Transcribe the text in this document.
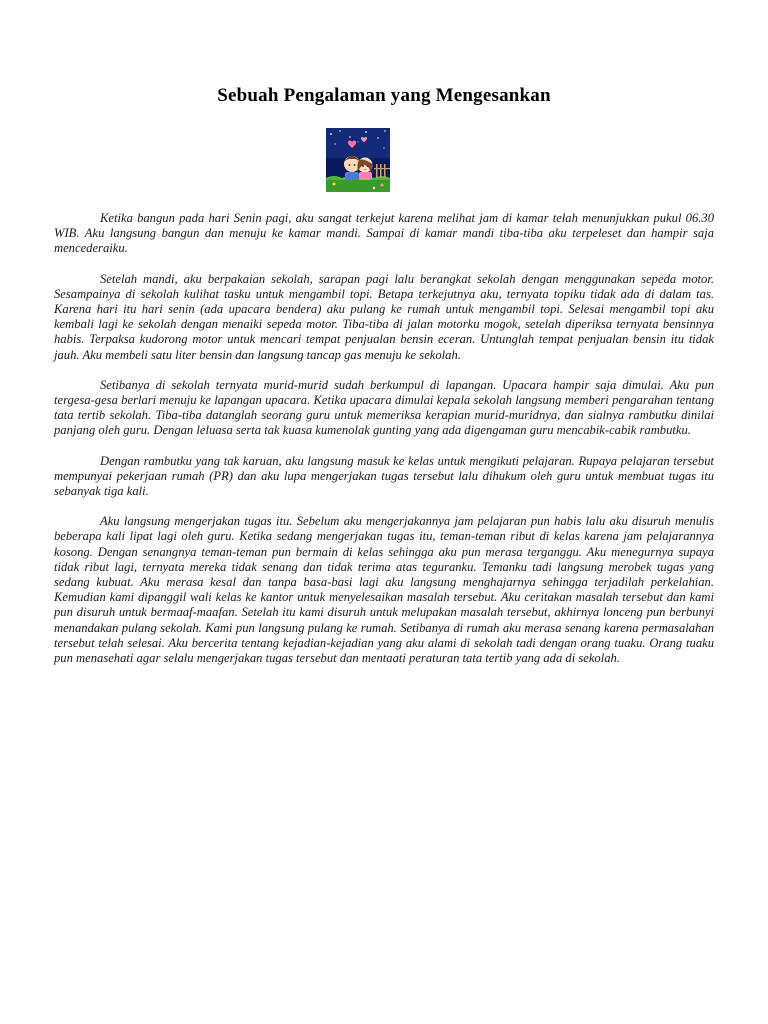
Sebuah Pengalaman yang Mengesankan

Ketika bangun pada hari Senin pagi, aku sangat terkejut karena melihat jam di kamar telah menunjukkan pukul 06.30 WIB. Aku langsung bangun dan menuju ke kamar mandi. Sampai di kamar mandi tiba-tiba aku terpeleset dan hampir saja mencederaiku.

Setelah mandi, aku berpakaian sekolah, sarapan pagi lalu berangkat sekolah dengan menggunakan sepeda motor. Sesampainya di sekolah kulihat tasku untuk mengambil topi. Betapa terkejutnya aku, ternyata topiku tidak ada di dalam tas. Karena hari itu hari senin (ada upacara bendera) aku pulang ke rumah untuk mengambil topi. Selesai mengambil topi aku kembali lagi ke sekolah dengan menaiki sepeda motor. Tiba-tiba di jalan motorku mogok, setelah diperiksa ternyata bensinnya habis. Terpaksa kudorong motor untuk mencari tempat penjualan bensin eceran. Untunglah tempat penjualan bensin itu tidak jauh. Aku membeli satu liter bensin dan langsung tancap gas menuju ke sekolah.

Setibanya di sekolah ternyata murid-murid sudah berkumpul di lapangan. Upacara hampir saja dimulai. Aku pun tergesa-gesa berlari menuju ke lapangan upacara. Ketika upacara dimulai kepala sekolah langsung memberi pengarahan tentang tata tertib sekolah. Tiba-tiba datanglah seorang guru untuk memeriksa kerapian murid-muridnya, dan sialnya rambutku dinilai panjang oleh guru. Dengan leluasa serta tak kuasa kumenolak gunting yang ada digengaman guru mencabik-cabik rambutku.

Dengan rambutku yang tak karuan, aku langsung masuk ke kelas untuk mengikuti pelajaran. Rupaya pelajaran tersebut mempunyai pekerjaan rumah (PR) dan aku lupa mengerjakan tugas tersebut lalu dihukum oleh guru untuk membuat tugas itu sebanyak tiga kali.

Aku langsung mengerjakan tugas itu. Sebelum aku mengerjakannya jam pelajaran pun habis lalu aku disuruh menulis beberapa kali lipat lagi oleh guru. Ketika sedang mengerjakan tugas itu, teman-teman ribut di kelas karena jam pelajarannya kosong. Dengan senangnya teman-teman pun bermain di kelas sehingga aku pun merasa terganggu. Aku menegurnya supaya tidak ribut lagi, ternyata mereka tidak senang dan tidak terima atas teguranku. Temanku tadi langsung merobek tugas yang sedang kubuat. Aku merasa kesal dan tanpa basa-basi lagi aku langsung menghajarnya sehingga terjadilah perkelahian. Kemudian kami dipanggil wali kelas ke kantor untuk menyelesaikan masalah tersebut. Aku ceritakan masalah tersebut dan kami pun disuruh untuk bermaaf-maafan. Setelah itu kami disuruh untuk melupakan masalah tersebut, akhirnya lonceng pun berbunyi menandakan pulang sekolah. Kami pun langsung pulang ke rumah. Setibanya di rumah aku merasa senang karena permasalahan tersebut telah selesai. Aku bercerita tentang kejadian-kejadian yang aku alami di sekolah tadi dengan orang tuaku. Orang tuaku pun menasehati agar selalu mengerjakan tugas tersebut dan mentaati peraturan tata tertib yang ada di sekolah.
